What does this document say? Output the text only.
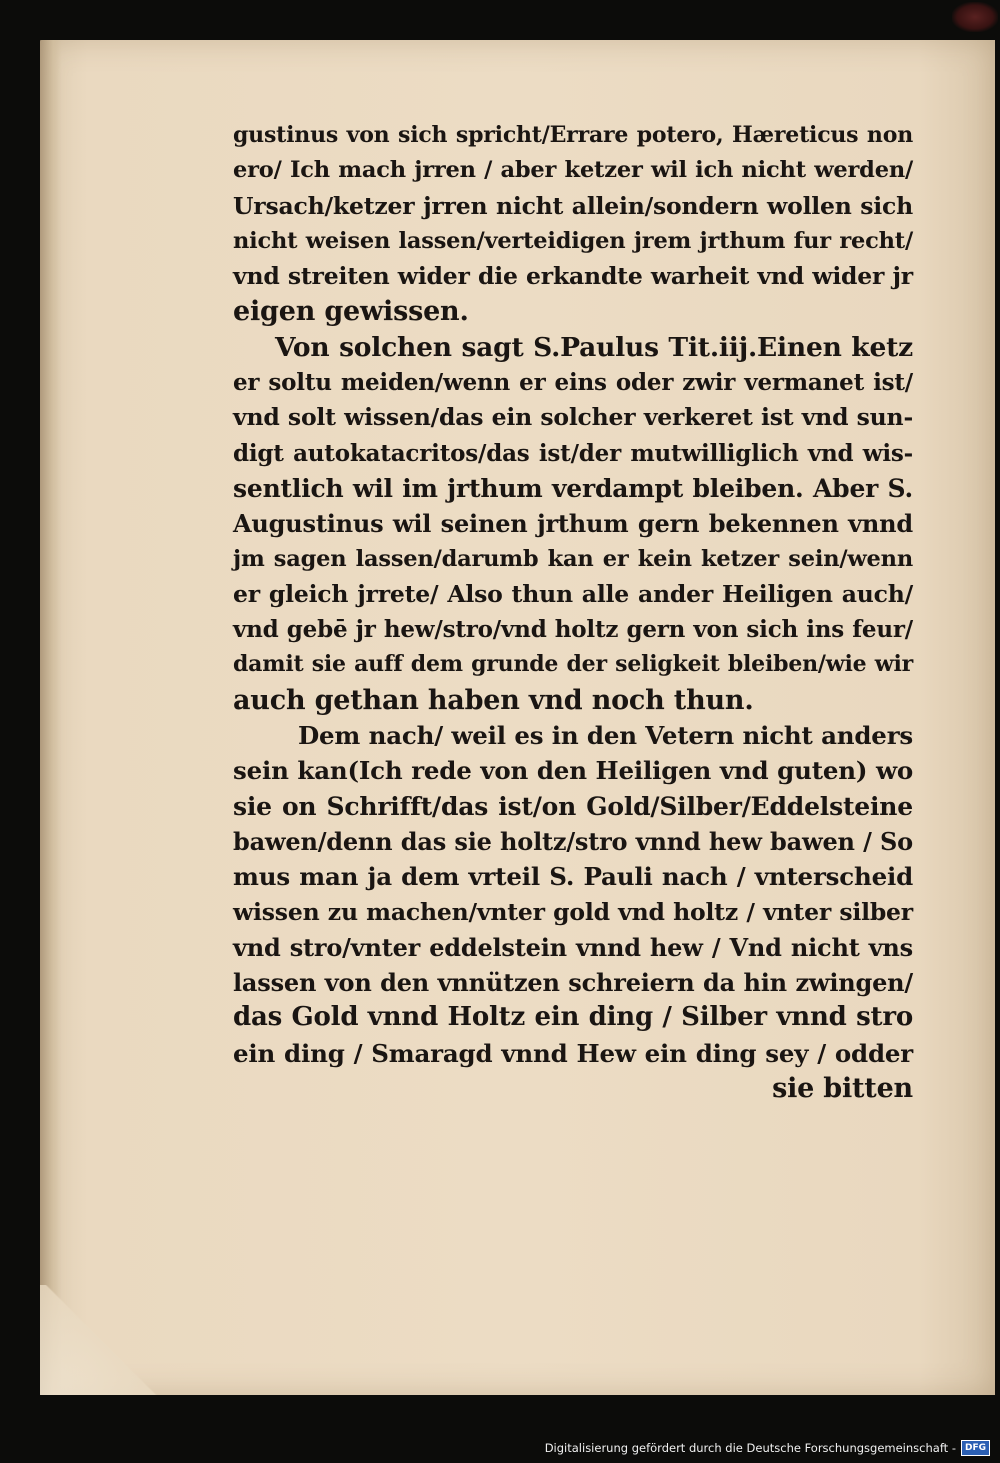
gustinus von sich spricht/Errare potero, Hæreticus non
ero/ Ich mach jrren / aber ketzer wil ich nicht werden/
Ursach/ketzer jrren nicht allein/sondern wollen sich
nicht weisen lassen/verteidigen jrem jrthum fur recht/
vnd streiten wider die erkandte warheit vnd wider jr
eigen gewissen.
Von solchen sagt S.Paulus Tit.iij.Einen ketz
er soltu meiden/wenn er eins oder zwir vermanet ist/
vnd solt wissen/das ein solcher verkeret ist vnd sun-
digt autokatacritos/das ist/der mutwilliglich vnd wis-
sentlich wil im jrthum verdampt bleiben. Aber S.
Augustinus wil seinen jrthum gern bekennen vnnd
jm sagen lassen/darumb kan er kein ketzer sein/wenn
er gleich jrrete/ Also thun alle ander Heiligen auch/
vnd gebē jr hew/stro/vnd holtz gern von sich ins feur/
damit sie auff dem grunde der seligkeit bleiben/wie wir
auch gethan haben vnd noch thun.
Dem nach/ weil es in den Vetern nicht anders
sein kan(Ich rede von den Heiligen vnd guten) wo
sie on Schrifft/das ist/on Gold/Silber/Eddelsteine
bawen/denn das sie holtz/stro vnnd hew bawen / So
mus man ja dem vrteil S. Pauli nach / vnterscheid
wissen zu machen/vnter gold vnd holtz / vnter silber
vnd stro/vnter eddelstein vnnd hew / Vnd nicht vns
lassen von den vnnützen schreiern da hin zwingen/
das Gold vnnd Holtz ein ding / Silber vnnd stro
ein ding / Smaragd vnnd Hew ein ding sey / odder
sie bitten
Digitalisierung gefördert durch die Deutsche Forschungsgemeinschaft -	DFG
